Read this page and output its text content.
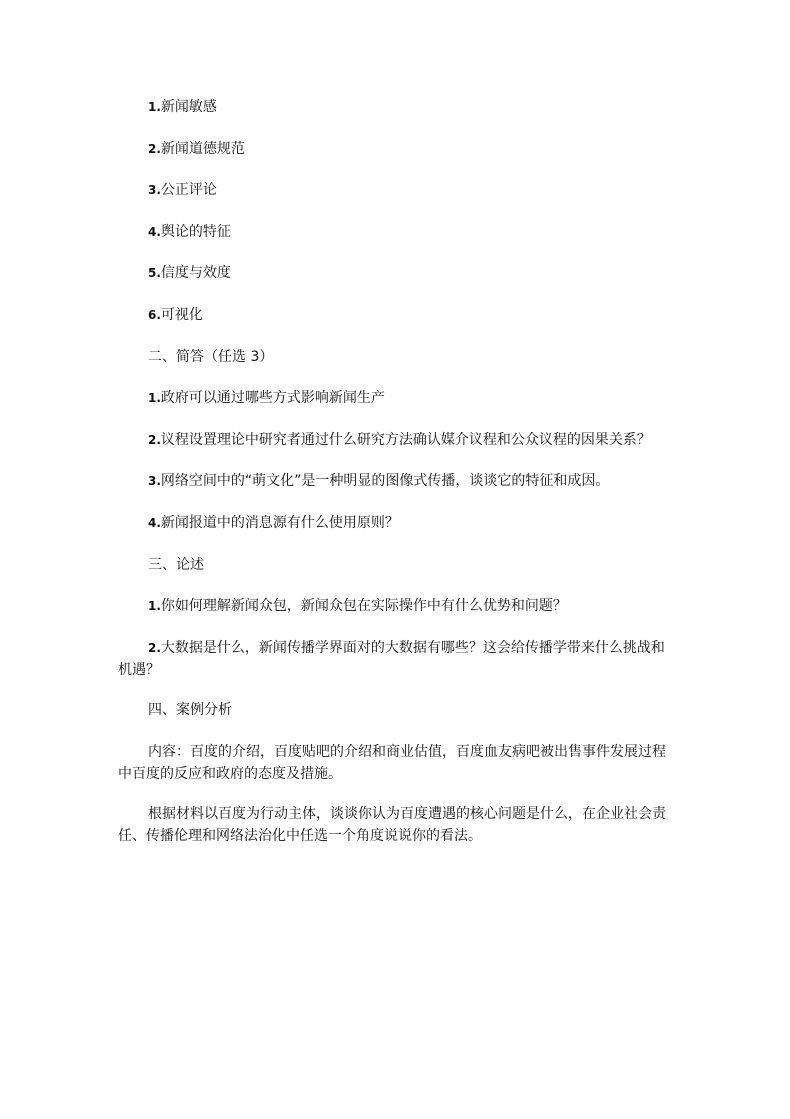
1.新闻敏感
2.新闻道德规范
3.公正评论
4.舆论的特征
5.信度与效度
6.可视化
二、简答（任选 3）
1.政府可以通过哪些方式影响新闻生产
2.议程设置理论中研究者通过什么研究方法确认媒介议程和公众议程的因果关系？
3.网络空间中的“萌文化”是一种明显的图像式传播，谈谈它的特征和成因。
4.新闻报道中的消息源有什么使用原则？
三、论述
1.你如何理解新闻众包，新闻众包在实际操作中有什么优势和问题？
2.大数据是什么，新闻传播学界面对的大数据有哪些？这会给传播学带来什么挑战和机遇？
四、案例分析
内容：百度的介绍，百度贴吧的介绍和商业估值，百度血友病吧被出售事件发展过程中百度的反应和政府的态度及措施。
根据材料以百度为行动主体，谈谈你认为百度遭遇的核心问题是什么，在企业社会责任、传播伦理和网络法治化中任选一个角度说说你的看法。
